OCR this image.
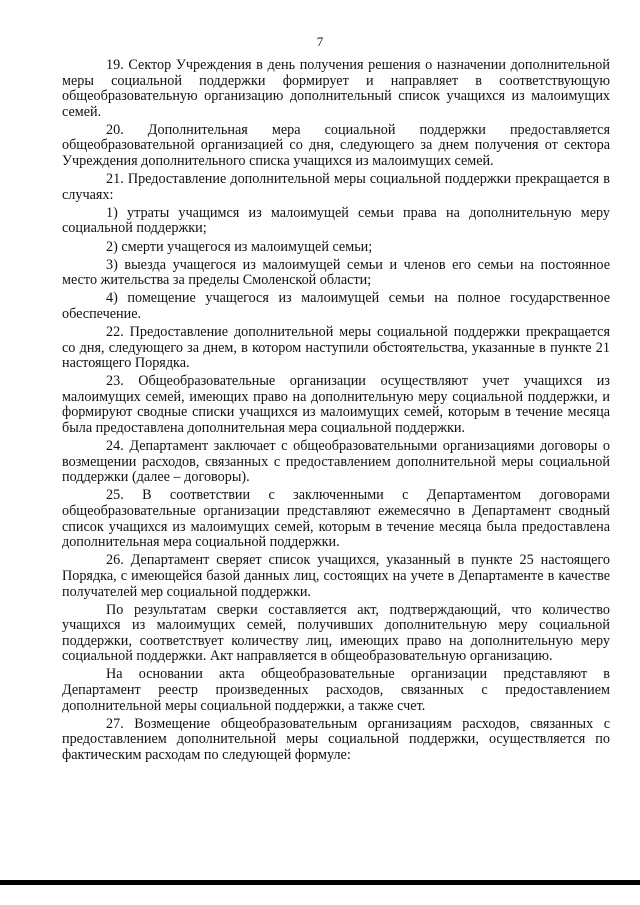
7

19. Сектор Учреждения в день получения решения о назначении дополнительной меры социальной поддержки формирует и направляет в соответствующую общеобразовательную организацию дополнительный список учащихся из малоимущих семей.

20. Дополнительная мера социальной поддержки предоставляется общеобразовательной организацией со дня, следующего за днем получения от сектора Учреждения дополнительного списка учащихся из малоимущих семей.

21. Предоставление дополнительной меры социальной поддержки прекращается в случаях:

1) утраты учащимся из малоимущей семьи права на дополнительную меру социальной поддержки;

2) смерти учащегося из малоимущей семьи;

3) выезда учащегося из малоимущей семьи и членов его семьи на постоянное место жительства за пределы Смоленской области;

4) помещение учащегося из малоимущей семьи на полное государственное обеспечение.

22. Предоставление дополнительной меры социальной поддержки прекращается со дня, следующего за днем, в котором наступили обстоятельства, указанные в пункте 21 настоящего Порядка.

23. Общеобразовательные организации осуществляют учет учащихся из малоимущих семей, имеющих право на дополнительную меру социальной поддержки, и формируют сводные списки учащихся из малоимущих семей, которым в течение месяца была предоставлена дополнительная мера социальной поддержки.

24. Департамент заключает с общеобразовательными организациями договоры о возмещении расходов, связанных с предоставлением дополнительной меры социальной поддержки (далее – договоры).

25. В соответствии с заключенными с Департаментом договорами общеобразовательные организации представляют ежемесячно в Департамент сводный список учащихся из малоимущих семей, которым в течение месяца была предоставлена дополнительная мера социальной поддержки.

26. Департамент сверяет список учащихся, указанный в пункте 25 настоящего Порядка, с имеющейся базой данных лиц, состоящих на учете в Департаменте в качестве получателей мер социальной поддержки.

По результатам сверки составляется акт, подтверждающий, что количество учащихся из малоимущих семей, получивших дополнительную меру социальной поддержки, соответствует количеству лиц, имеющих право на дополнительную меру социальной поддержки. Акт направляется в общеобразовательную организацию.

На основании акта общеобразовательные организации представляют в Департамент реестр произведенных расходов, связанных с предоставлением дополнительной меры социальной поддержки, а также счет.

27. Возмещение общеобразовательным организациям расходов, связанных с предоставлением дополнительной меры социальной поддержки, осуществляется по фактическим расходам по следующей формуле:
